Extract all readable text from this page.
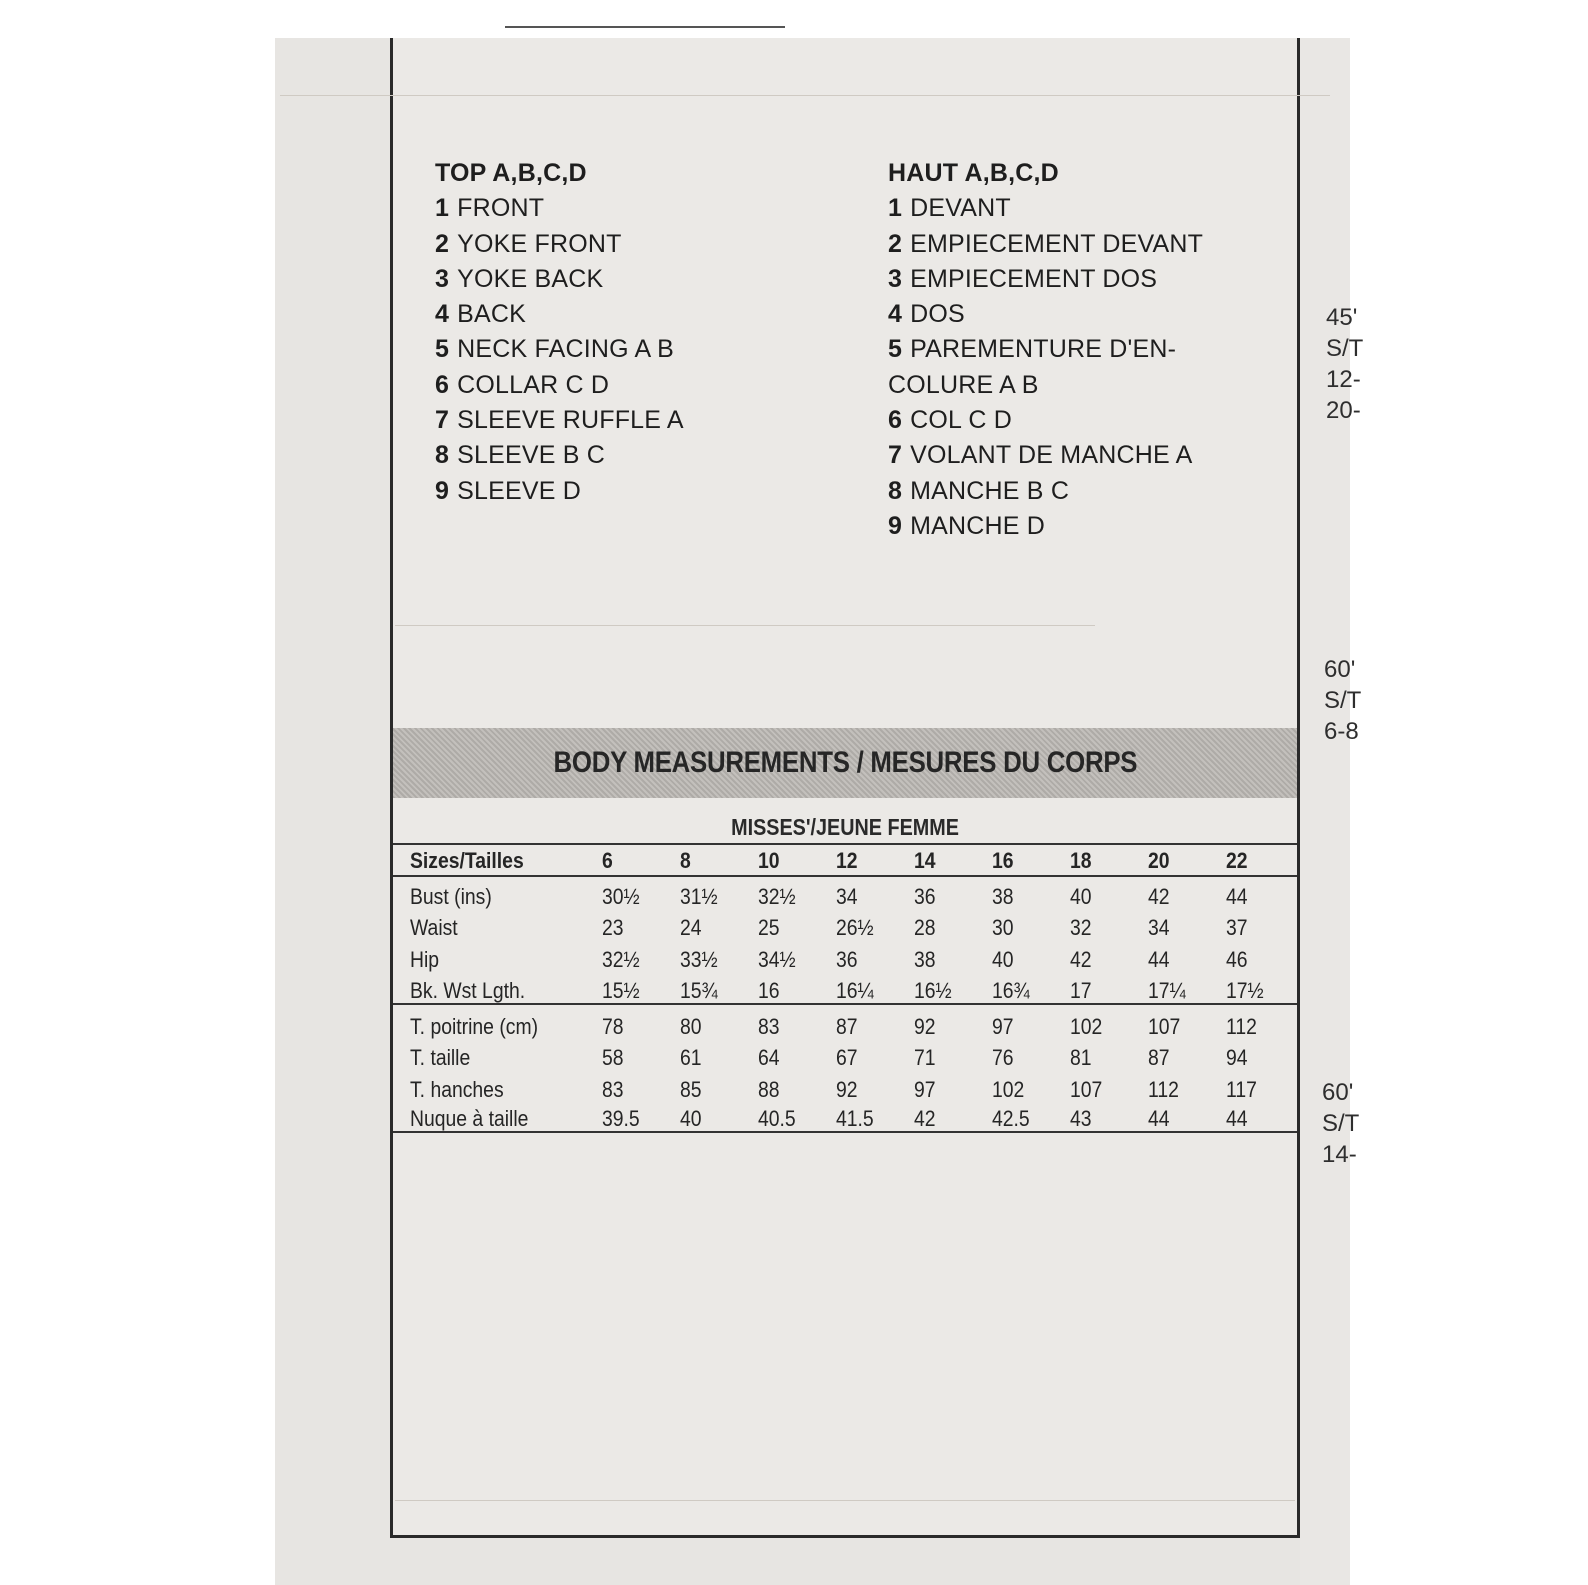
TOP A,B,C,D
1 FRONT
2 YOKE FRONT
3 YOKE BACK
4 BACK
5 NECK FACING A B
6 COLLAR C D
7 SLEEVE RUFFLE A
8 SLEEVE B C
9 SLEEVE D
HAUT A,B,C,D
1 DEVANT
2 EMPIECEMENT DEVANT
3 EMPIECEMENT DOS
4 DOS
5 PAREMENTURE D'EN-
COLURE A B
6 COL C D
7 VOLANT DE MANCHE A
8 MANCHE B C
9 MANCHE D
BODY MEASUREMENTS / MESURES DU CORPS
MISSES'/JEUNE FEMME
Sizes/Tailles	6	8	10	12	14	16	18	20	22
Bust (ins)	30½	31½	32½	34	36	38	40	42	44
Waist	23	24	25	26½	28	30	32	34	37
Hip	32½	33½	34½	36	38	40	42	44	46
Bk. Wst Lgth.	15½	15¾	16	16¼	16½	16¾	17	17¼	17½
T. poitrine (cm)	78	80	83	87	92	97	102	107	112
T. taille	58	61	64	67	71	76	81	87	94
T. hanches	83	85	88	92	97	102	107	112	117
Nuque à taille	39.5	40	40.5	41.5	42	42.5	43	44	44
45'
S/T
12-
20-
60'
S/T
6-8
60'
S/T
14-
